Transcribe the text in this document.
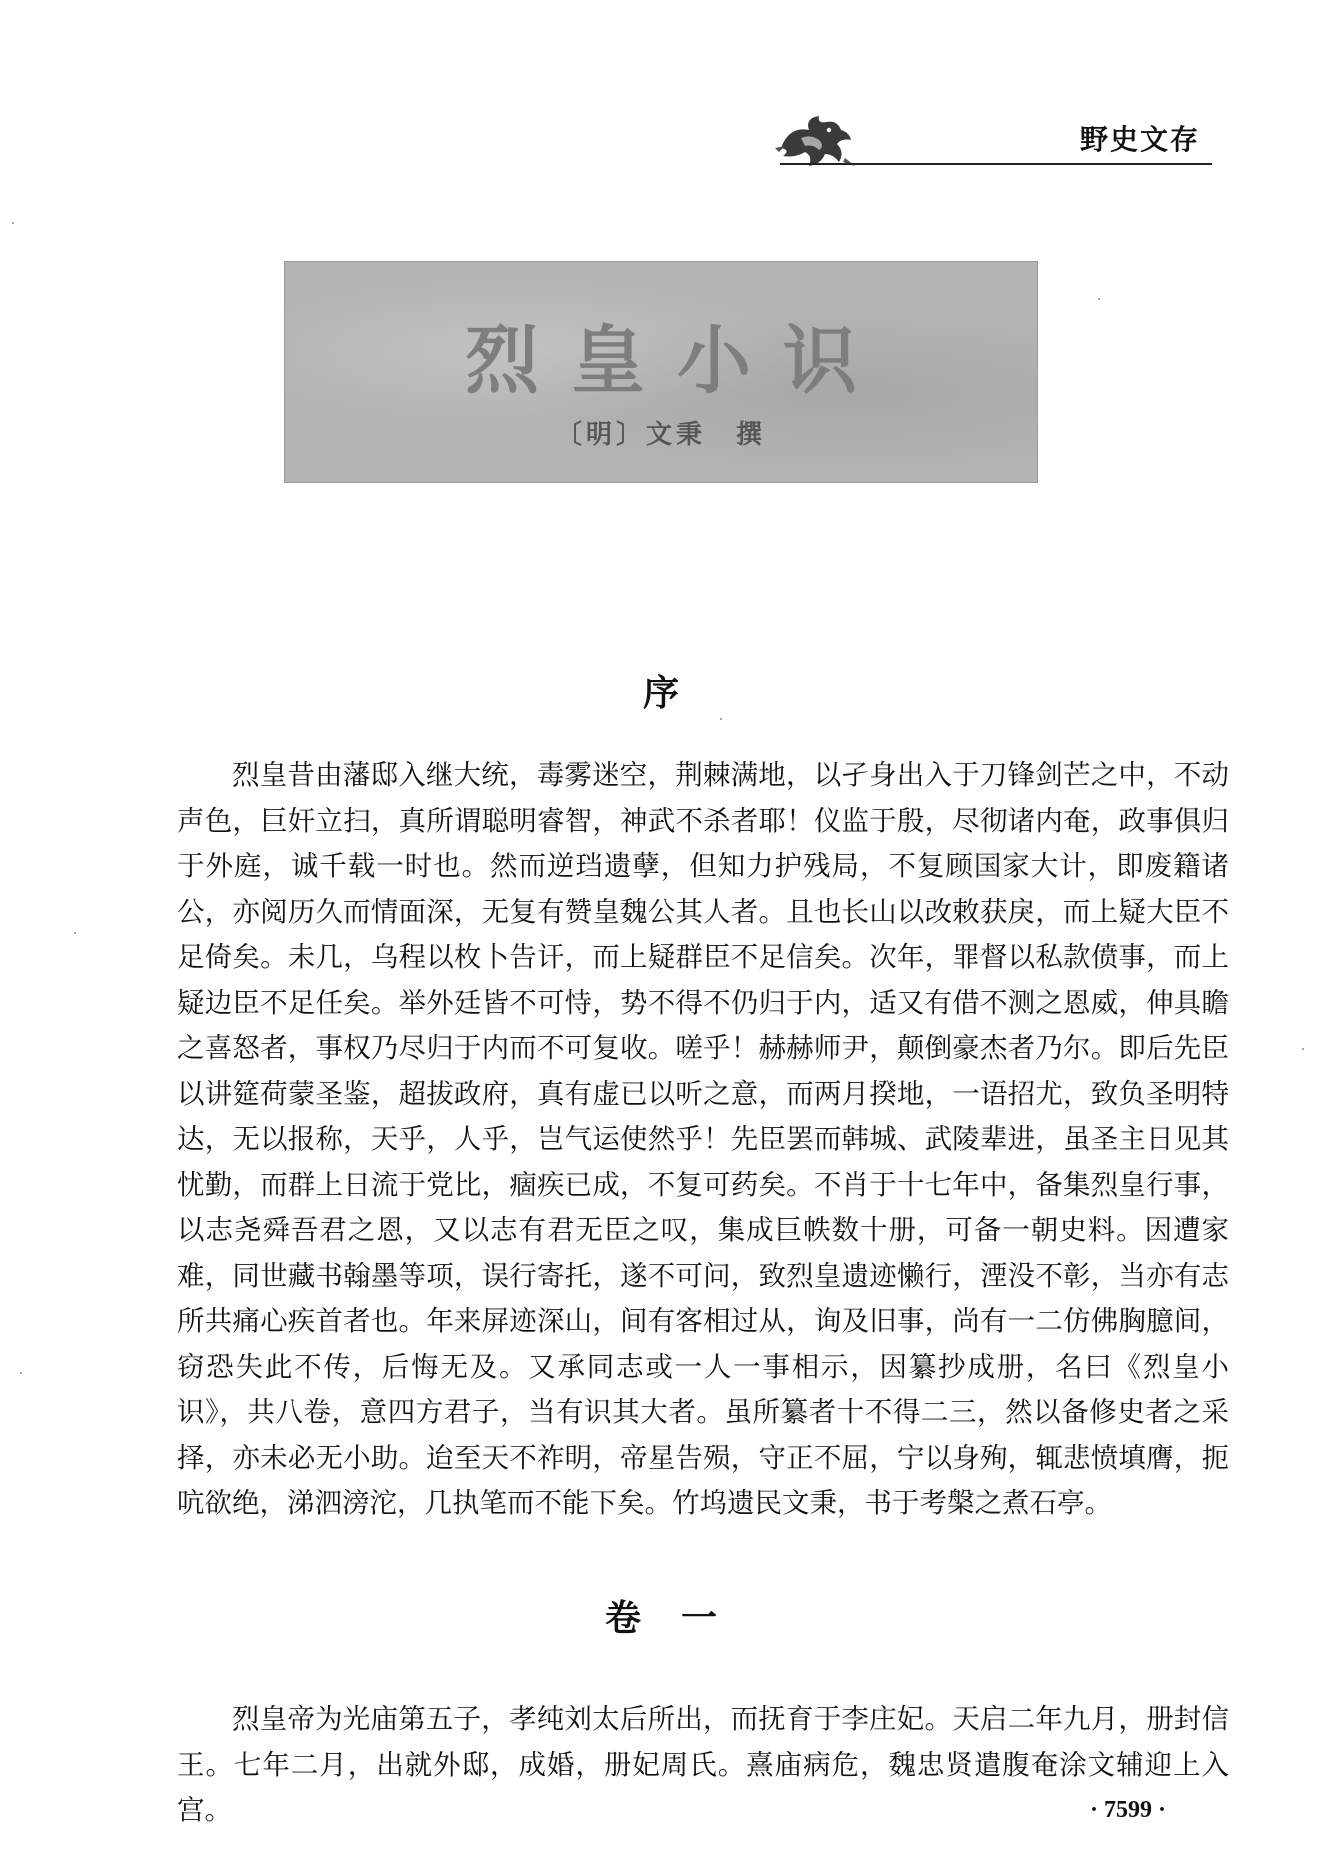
野史文存
烈皇小识
〔明〕文秉　撰
序

烈皇昔由藩邸入继大统，毒雾迷空，荆棘满地，以孑身出入于刀锋剑芒之中，不动声色，巨奸立扫，真所谓聪明睿智，神武不杀者耶！仪监于殷，尽彻诸内奄，政事俱归于外庭，诚千载一时也。然而逆珰遗孽，但知力护残局，不复顾国家大计，即废籍诸公，亦阅历久而情面深，无复有赞皇魏公其人者。且也长山以改敕获戾，而上疑大臣不足倚矣。未几，乌程以枚卜告讦，而上疑群臣不足信矣。次年，罪督以私款偾事，而上疑边臣不足任矣。举外廷皆不可恃，势不得不仍归于内，适又有借不测之恩威，伸具瞻之喜怒者，事权乃尽归于内而不可复收。嗟乎！赫赫师尹，颠倒豪杰者乃尔。即后先臣以讲筵荷蒙圣鉴，超拔政府，真有虚已以听之意，而两月揆地，一语招尤，致负圣明特达，无以报称，天乎，人乎，岂气运使然乎！先臣罢而韩城、武陵辈进，虽圣主日见其忧勤，而群上日流于党比，痼疾已成，不复可药矣。不肖于十七年中，备集烈皇行事，以志尧舜吾君之恩，又以志有君无臣之叹，集成巨帙数十册，可备一朝史料。因遭家难，同世藏书翰墨等项，误行寄托，遂不可问，致烈皇遗迹懒行，湮没不彰，当亦有志所共痛心疾首者也。年来屏迹深山，间有客相过从，询及旧事，尚有一二仿佛胸臆间，窃恐失此不传，后悔无及。又承同志或一人一事相示，因纂抄成册，名曰《烈皇小识》，共八卷，意四方君子，当有识其大者。虽所纂者十不得二三，然以备修史者之采择，亦未必无小助。迨至天不祚明，帝星告殒，守正不屈，宁以身殉，辄悲愤填膺，扼吭欲绝，涕泗滂沱，几执笔而不能下矣。竹坞遗民文秉，书于考槃之煮石亭。

卷一

烈皇帝为光庙第五子，孝纯刘太后所出，而抚育于李庄妃。天启二年九月，册封信王。七年二月，出就外邸，成婚，册妃周氏。熹庙病危，魏忠贤遣腹奄涂文辅迎上入宫。	· 7599 ·
